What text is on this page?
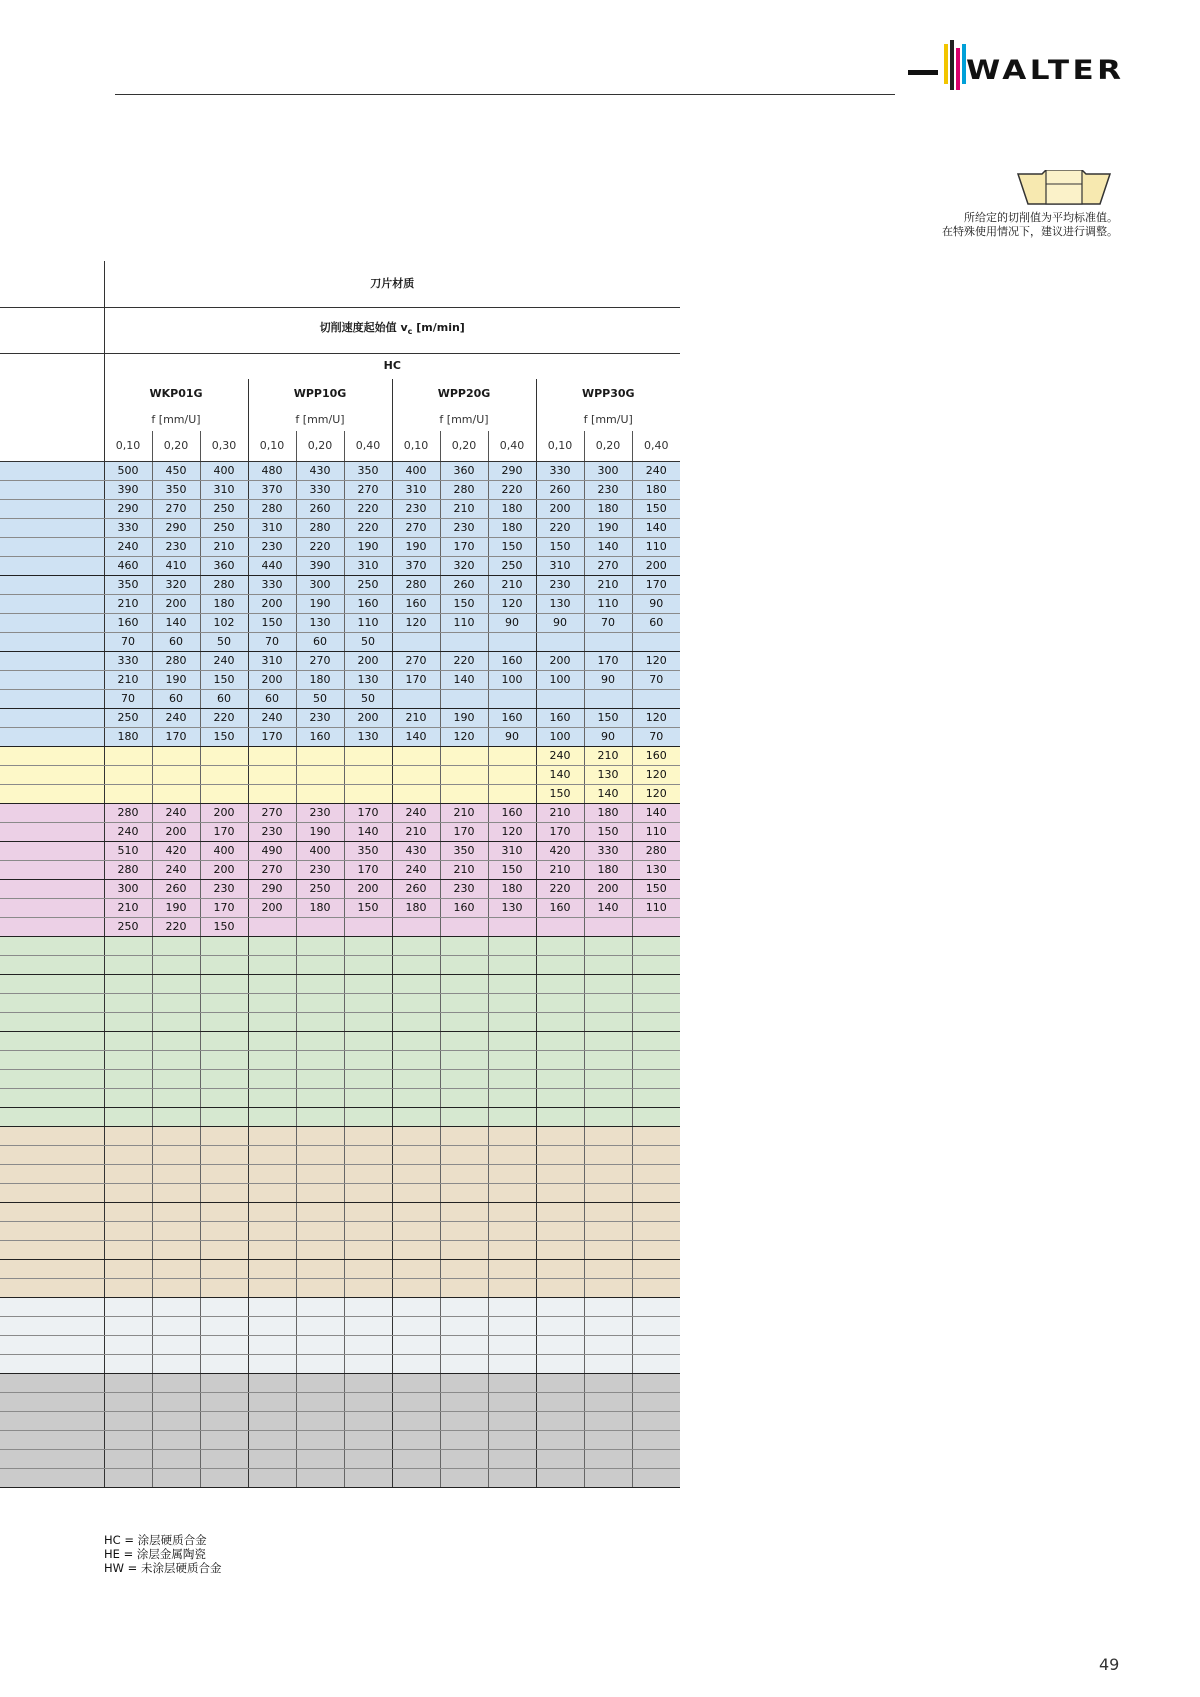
WALTER
所给定的切削值为平均标准值。
在特殊使用情况下，建议进行调整。
	刀片材质											
	切削速度起始值 $v_c$ [m/min]											
	HC											
	WKP01G			WPP10G			WPP20G			WPP30G		
	f [mm/U]			f [mm/U]			f [mm/U]			f [mm/U]		
	0,10	0,20	0,30	0,10	0,20	0,40	0,10	0,20	0,40	0,10	0,20	0,40
	500	450	400	480	430	350	400	360	290	330	300	240
	390	350	310	370	330	270	310	280	220	260	230	180
	290	270	250	280	260	220	230	210	180	200	180	150
	330	290	250	310	280	220	270	230	180	220	190	140
	240	230	210	230	220	190	190	170	150	150	140	110
	460	410	360	440	390	310	370	320	250	310	270	200
	350	320	280	330	300	250	280	260	210	230	210	170
	210	200	180	200	190	160	160	150	120	130	110	90
	160	140	102	150	130	110	120	110	90	90	70	60
	70	60	50	70	60	50						
	330	280	240	310	270	200	270	220	160	200	170	120
	210	190	150	200	180	130	170	140	100	100	90	70
	70	60	60	60	50	50						
	250	240	220	240	230	200	210	190	160	160	150	120
	180	170	150	170	160	130	140	120	90	100	90	70
										240	210	160
										140	130	120
										150	140	120
	280	240	200	270	230	170	240	210	160	210	180	140
	240	200	170	230	190	140	210	170	120	170	150	110
	510	420	400	490	400	350	430	350	310	420	330	280
	280	240	200	270	230	170	240	210	150	210	180	130
	300	260	230	290	250	200	260	230	180	220	200	150
	210	190	170	200	180	150	180	160	130	160	140	110
	250	220	150									

HC = 涂层硬质合金
HE = 涂层金属陶瓷
HW = 未涂层硬质合金
49
